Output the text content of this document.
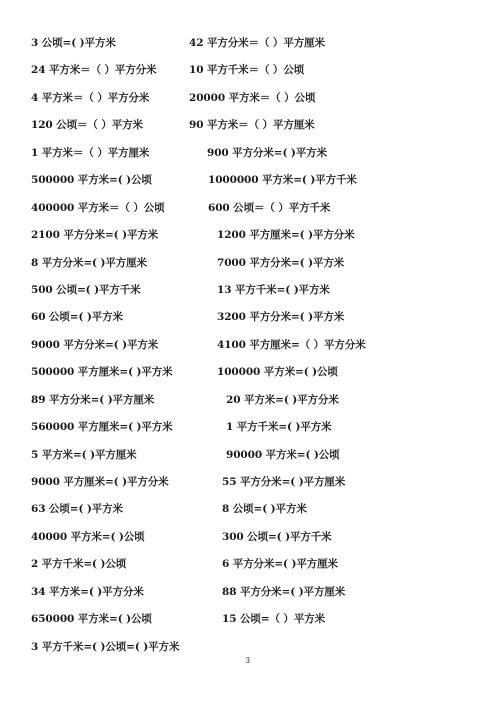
3 公顷=( )平方米	42 平方分米＝（ ）平方厘米
24 平方米＝（ ）平方分米	10 平方千米＝（ ）公顷
4 平方米＝（ ）平方分米	20000 平方米＝（ ）公顷
120 公顷＝（ ）平方米	90 平方米＝（ ）平方厘米
1 平方米＝（ ）平方厘米	900 平方分米=( )平方米
500000 平方米=( )公顷	1000000 平方米=( )平方千米
400000 平方米＝（ ）公顷	600 公顷＝（ ）平方千米
2100 平方分米=( )平方米	1200 平方厘米=( )平方分米
8 平方分米=( )平方厘米	7000 平方分米=( )平方米
500 公顷=( )平方千米	13 平方千米=( )平方米
60 公顷=( )平方米	3200 平方分米=( )平方米
9000 平方分米=( )平方米	4100 平方厘米=（ ）平方分米
500000 平方厘米=( )平方米	100000 平方米=( )公顷
89 平方分米=( )平方厘米	20 平方米=( )平方分米
560000 平方厘米=( )平方米	1 平方千米=( )平方米
5 平方米=( )平方厘米	90000 平方米=( )公顷
9000 平方厘米=( )平方分米	55 平方分米=( )平方厘米
63 公顷=( )平方米	8 公顷=( )平方米
40000 平方米=( )公顷	300 公顷=( )平方千米
2 平方千米=( )公顷	6 平方分米=( )平方厘米
34 平方米=( )平方分米	88 平方分米=( )平方厘米
650000 平方米=( )公顷	15 公顷=（ ）平方米
3 平方千米=( )公顷=( )平方米
3
